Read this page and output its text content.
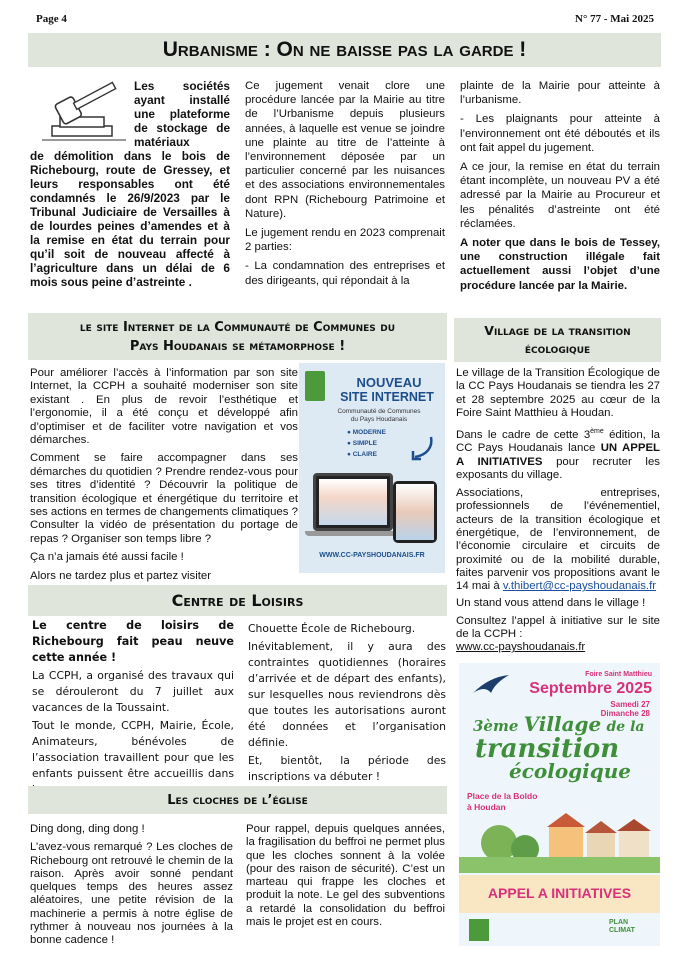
Page 4	N° 77 - Mai 2025
Urbanisme : On ne baisse pas la garde !
Les sociétés ayant installé une plateforme de stockage de matériaux
de démolition dans le bois de Richebourg, route de Gressey, et leurs responsables ont été condamnés le 26/9/2023 par le Tribunal Judiciaire de Versailles à de lourdes peines d’amendes et à la remise en état du terrain pour qu’il soit de nouveau affecté à l’agriculture dans un délai de 6 mois sous peine d’astreinte .

Ce jugement venait clore une procédure lancée par la Mairie au titre de l’Urbanisme depuis plusieurs années, à laquelle est venue se joindre une plainte au titre de l’atteinte à l’environnement déposée par un particulier concerné par les nuisances et des associations environnementales dont RPN (Richebourg Patrimoine et Nature).

Le jugement rendu en 2023 comprenait 2 parties:

- La condamnation des entreprises et des dirigeants, qui répondait à la

plainte de la Mairie pour atteinte à l’urbanisme.

- Les plaignants pour atteinte à l’environnement ont été déboutés et ils ont fait appel du jugement.

A ce jour, la remise en état du terrain étant incomplète, un nouveau PV a été adressé par la Mairie au Procureur et les pénalités d’astreinte ont été réclamées.

A noter que dans le bois de Tessey, une construction illégale fait actuellement aussi l’objet d’une procédure lancée par la Mairie.

le site Internet de la Communauté de Communes du
Pays Houdanais se métamorphose !

Pour améliorer l’accès à l’information par son site Internet, la CCPH a souhaité moderniser son site existant . En plus de revoir l’esthétique et l’ergonomie, il a été conçu et développé afin d’optimiser et de faciliter votre navigation et vos démarches.

Comment se faire accompagner dans ses démarches du quotidien ? Prendre rendez-vous pour ses titres d’identité ? Découvrir la politique de transition écologique et énergétique du territoire et ses actions en termes de changements climatiques ? Consulter la vidéo de présentation du portage de repas ? Organiser son temps libre ?

Ça n’a jamais été aussi facile !

Alors ne tardez plus et partez visiter

NOUVEAU
SITE INTERNET
Communauté de Communes
du Pays Houdanais
● MODERNE
● SIMPLE
● CLAIRE
WWW.CC-PAYSHOUDANAIS.FR
Village de la transition
écologique

Le village de la Transition Écologique de la CC Pays Houdanais se tiendra les 27 et 28 septembre 2025 au cœur de la Foire Saint Matthieu à Houdan.

Dans le cadre de cette 3ème édition, la CC Pays Houdanais lance UN APPEL A INITIATIVES pour recruter les exposants du village.

Associations, entreprises, professionnels de l’événementiel, acteurs de la transition écologique et énergétique, de l’environnement, de l’économie circulaire et circuits de proximité ou de la mobilité durable, faites parvenir vos propositions avant le 14 mai à v.thibert@cc-payshoudanais.fr

Un stand vous attend dans le village !

Consultez l’appel à initiative sur le site de la CCPH :

www.cc-payshoudanais.fr

Foire Saint Matthieu
Septembre 2025
Samedi 27
Dimanche 28
3ème Village de la
transition
écologique
Place de la Boldo
à Houdan
APPEL A INITIATIVES
PLAN
CLIMAT
Centre de Loisirs

Le centre de loisirs de Richebourg fait peau neuve cette année !

La CCPH, a organisé des travaux qui se dérouleront du 7 juillet aux vacances de la Toussaint.

Tout le monde, CCPH, Mairie, École, Animateurs, bénévoles de l’association travaillent pour que les enfants puissent être accueillis dans

Chouette École de Richebourg.

Inévitablement, il y aura des contraintes quotidiennes (horaires d’arrivée et de départ des enfants), sur lesquelles nous reviendrons dès que toutes les autorisations auront été données et l’organisation définie.

Et, bientôt, la période des inscriptions va débuter !

Les cloches de l’église

Ding dong, ding dong !

L’avez-vous remarqué ? Les cloches de Richebourg ont retrouvé le chemin de la raison. Après avoir sonné pendant quelques temps des heures assez aléatoires, une petite révision de la machinerie a permis à notre église de rythmer à nouveau nos journées à la bonne cadence !

Pour rappel, depuis quelques années, la fragilisation du beffroi ne permet plus que les cloches sonnent à la volée (pour des raison de sécurité). C’est un marteau qui frappe les cloches et produit la note. Le gel des subventions a retardé la consolidation du beffroi mais le projet est en cours.
